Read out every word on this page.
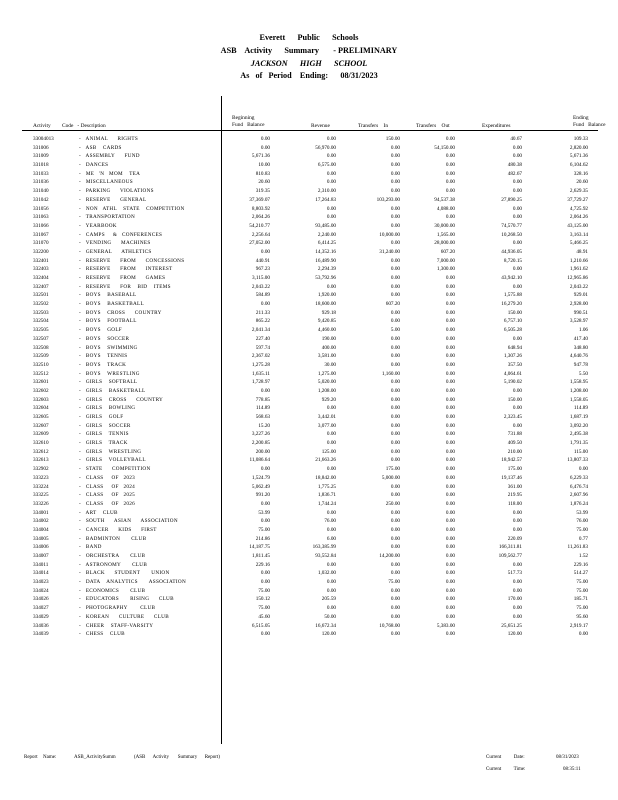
Everett      Public      Schools
ASB    Activity      Summary       - PRELIMINARY
JACKSON      HIGH      SCHOOL
As   of   Period    Ending:      08/31/2023
Activity Code   - Description
Beginning
Fund   Balance	Revenue	Transfers    In	Transfers    Out	Expenditures
Ending
Fund   Balance
33004013	-   ANIMAL      RIGHTS	0.00	0.00	150.00	0.00	40.67	109.33
331006	-   ASB    CARDS	0.00	56,970.00	0.00	54,150.00	0.00	2,820.00
331009	-   ASSEMBLY      FUND	5,671.36	0.00	0.00	0.00	0.00	5,671.36
331018	-   DANCES	10.00	6,575.00	0.00	0.00	480.38	6,104.62
331033	-   ME   'N   MOM    TEA	810.83	0.00	0.00	0.00	482.67	328.16
331036	-   MISCELLANEOUS	20.60	0.00	0.00	0.00	0.00	20.60
331040	-   PARKING      VIOLATIONS	319.35	2,310.00	0.00	0.00	0.00	2,629.35
331042	-   RESERVE      GENERAL	37,369.07	17,264.83	103,293.00	94,537.38	27,890.25	37,729.27
331056	-   NON   ATHL    STATE    COMPETITION	8,803.92	0.00	0.00	4,088.00	0.00	4,725.92
331063	-   TRANSPORTATION	2,064.26	0.00	0.00	0.00	0.00	2,064.26
331066	-   YEARBOOK	54,210.77	93,485.00	0.00	30,000.00	74,570.77	43,125.00
331067	-   CAMPS     &   CONFERENCES	2,256.64	2,240.00	10,000.00	1,565.00	10,268.50	3,163.14
331070	-   VENDING      MACHINES	27,052.00	6,414.25	0.00	28,000.00	0.00	5,466.25
332200	-   GENERAL      ATHLETICS	0.00	14,352.16	31,240.00	607.20	44,936.05	48.91
332401	-   RESERVE      FROM      CONCESSIONS	440.91	16,489.90	0.00	7,000.00	8,720.15	1,210.66
332403	-   RESERVE      FROM      INTEREST	967.23	2,294.39	0.00	1,300.00	0.00	1,961.62
332404	-   RESERVE      FROM      GAMES	3,115.00	53,792.96	0.00	0.00	43,942.10	12,965.86
332407	-   RESERVE      FOR    BID    ITEMS	2,043.22	0.00	0.00	0.00	0.00	2,043.22
332501	-   BOYS    BASEBALL	584.89	1,920.00	0.00	0.00	1,575.88	929.01
332502	-   BOYS    BASKETBALL	0.00	18,600.00	607.20	0.00	16,279.20	2,928.00
332503	-   BOYS    CROSS      COUNTRY	211.33	929.18	0.00	0.00	150.00	990.51
332504	-   BOYS    FOOTBALL	865.22	9,420.85	0.00	0.00	6,757.10	3,528.97
332505	-   BOYS    GOLF	2,041.34	4,460.00	5.00	0.00	6,505.28	1.06
332507	-   BOYS    SOCCER	227.40	190.00	0.00	0.00	0.00	417.40
332508	-   BOYS    SWIMMING	597.74	400.00	0.00	0.00	648.94	348.80
332509	-   BOYS    TENNIS	2,367.02	3,581.00	0.00	0.00	1,307.26	4,640.76
332510	-   BOYS    TRACK	1,275.28	30.00	0.00	0.00	357.50	947.78
332512	-   BOYS    WRESTLING	1,635.11	1,275.00	1,160.00	0.00	4,064.61	5.50
332601	-   GIRLS    SOFTBALL	1,728.97	5,020.00	0.00	0.00	5,190.02	1,558.95
332602	-   GIRLS    BASKETBALL	0.00	1,208.00	0.00	0.00	0.00	1,208.00
332603	-   GIRLS    CROSS      COUNTRY	778.85	929.20	0.00	0.00	150.00	1,558.05
332604	-   GIRLS    BOWLING	114.89	0.00	0.00	0.00	0.00	114.89
332605	-   GIRLS    GOLF	568.63	3,442.01	0.00	0.00	2,323.45	1,687.19
332607	-   GIRLS    SOCCER	15.20	3,077.00	0.00	0.00	0.00	3,092.20
332609	-   GIRLS    TENNIS	3,227.26	0.00	0.00	0.00	731.88	2,495.38
332610	-   GIRLS    TRACK	2,200.85	0.00	0.00	0.00	409.50	1,791.35
332612	-   GIRLS    WRESTLING	200.00	125.00	0.00	0.00	210.00	115.00
332613	-   GIRLS    VOLLEYBALL	11,086.64	21,663.26	0.00	0.00	18,942.57	13,807.33
332902	-   STATE      COMPETITION	0.00	0.00	175.00	0.00	175.00	0.00
333223	-   CLASS     OF   2023	1,524.79	18,842.00	5,000.00	0.00	19,137.46	6,229.33
333224	-   CLASS     OF   2024	5,062.49	1,775.25	0.00	0.00	361.00	6,476.74
333225	-   CLASS     OF   2025	991.20	1,836.71	0.00	0.00	219.95	2,607.96
333226	-   CLASS     OF   2026	0.00	1,744.24	250.00	0.00	118.00	1,876.24
334001	-   ART    CLUB	53.99	0.00	0.00	0.00	0.00	53.99
334002	-   SOUTH      ASIAN      ASSOCIATION	0.00	76.00	0.00	0.00	0.00	76.00
334004	-   CANCER      KIDS      FIRST	75.00	0.00	0.00	0.00	0.00	75.00
334005	-   BADMINTON       CLUB	214.86	6.00	0.00	0.00	220.09	0.77
334006	-   BAND	14,187.75	163,385.99	0.00	0.00	166,311.81	11,261.83
334007	-   ORCHESTRA       CLUB	1,811.45	93,552.84	14,200.00	0.00	109,562.77	1.52
334011	-   ASTRONOMY       CLUB	229.16	0.00	0.00	0.00	0.00	229.16
334014	-   BLACK      STUDENT       UNION	0.00	1,032.00	0.00	0.00	517.73	514.27
334023	-   DATA    ANALYTICS       ASSOCIATION	0.00	0.00	75.00	0.00	0.00	75.00
334024	-   ECONOMICS       CLUB	75.00	0.00	0.00	0.00	0.00	75.00
334026	-   EDUCATORS       RISING      CLUB	150.12	205.59	0.00	0.00	170.00	185.71
334027	-   PHOTOGRAPHY        CLUB	75.00	0.00	0.00	0.00	0.00	75.00
334029	-   KOREAN      CULTURE      CLUB	45.60	50.00	0.00	0.00	0.00	95.60
334036	-   CHEER    STAFF-VARSITY	6,515.05	16,672.34	10,768.00	5,383.00	25,651.25	2,919.17
334039	-   CHESS    CLUB	0.00	120.00	0.00	0.00	120.00	0.00
Report Name:	ASB_ActivitySumm	(ASB      Activity       Summary      Report)	Current          Date:	08/31/2023
Current          Time:	08:35:11
